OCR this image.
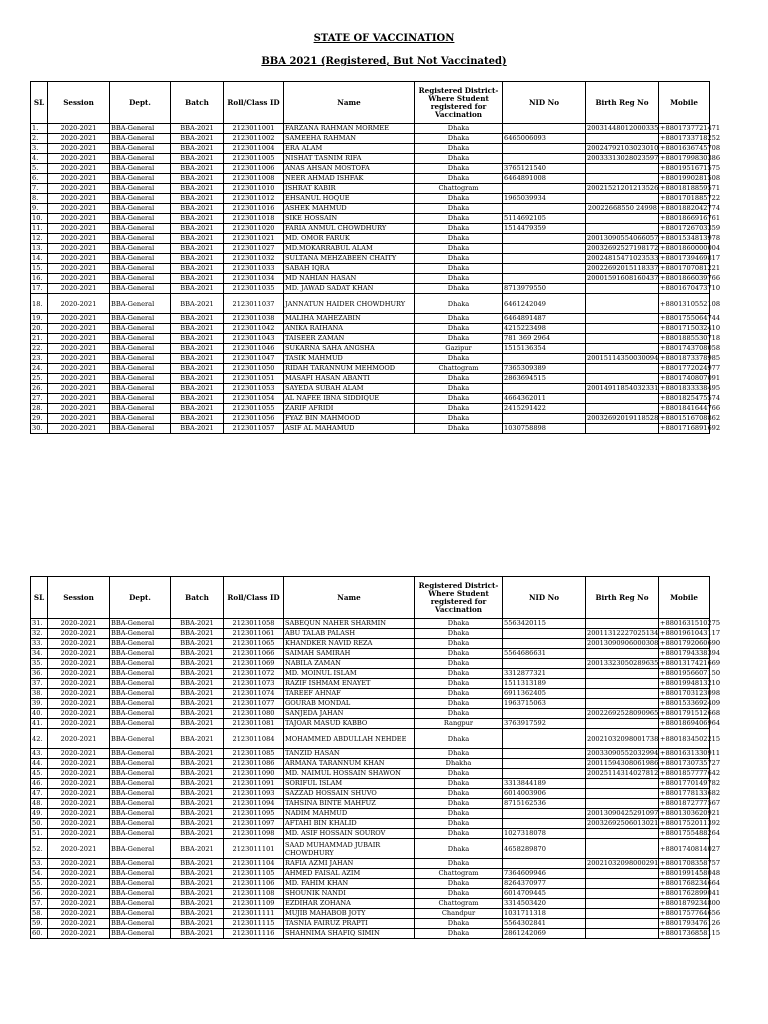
STATE OF VACCINATION
BBA 2021 (Registered, But Not Vaccinated)
SL	Session	Dept.	Batch	Roll/Class ID	Name	Registered District-Where Student registered for Vaccination	NID No	Birth Reg No	Mobile
1.	2020-2021	BBA-General	BBA-2021	2123011001	FARZANA RAHMAN MORMEE	Dhaka		20031448012000335	+8801737721471
2.	2020-2021	BBA-General	BBA-2021	2123011002	SAMEEHA RAHMAN	Dhaka	6465006093		+8801733718252
3.	2020-2021	BBA-General	BBA-2021	2123011004	ERA ALAM	Dhaka		20024792103023010	+8801636745708
4.	2020-2021	BBA-General	BBA-2021	2123011005	NISHAT TASNIM RIFA	Dhaka		20033313028023597	+8801799830386
5.	2020-2021	BBA-General	BBA-2021	2123011006	ANAS AHSAN MOSTOFA	Dhaka	3765121540		+8801951671575
6.	2020-2021	BBA-General	BBA-2021	2123011008	NEER AHMAD ISHFAK	Dhaka	6464891008		+8801990281508
7.	2020-2021	BBA-General	BBA-2021	2123011010	ISHRAT KABIR	Chattogram		20021521201213526	+8801818859571
8.	2020-2021	BBA-General	BBA-2021	2123011012	EHSANUL HOQUE	Dhaka	1965039934		+8801701885722
9.	2020-2021	BBA-General	BBA-2021	2123011016	ASHEK MAHMUD	Dhaka		20022668550 24998	+8801882042774
10.	2020-2021	BBA-General	BBA-2021	2123011018	SIKE HOSSAIN	Dhaka	5114692105		+8801866916761
11.	2020-2021	BBA-General	BBA-2021	2123011020	FARIA ANMUL CHOWDHURY	Dhaka	1514479359		+8801726703359
12.	2020-2021	BBA-General	BBA-2021	2123011021	MD. OMOR FARUK	Dhaka		20013090554066057	+8801534813978
13.	2020-2021	BBA-General	BBA-2021	2123011027	MD.MOKARRABUL ALAM	Dhaka		20032692527198172	+8801860000004
14.	2020-2021	BBA-General	BBA-2021	2123011032	SULTANA MEHZABEEN CHAITY	Dhaka		20024815471023533	+8801739469817
15.	2020-2021	BBA-General	BBA-2021	2123011033	SABAH IQRA	Dhaka		20022692015118337	+8801707081221
16.	2020-2021	BBA-General	BBA-2021	2123011034	MD NAHIAN HASAN	Dhaka		20001591608160437	+8801866039766
17.	2020-2021	BBA-General	BBA-2021	2123011035	MD. JAWAD SADAT KHAN	Dhaka	8713979550		+8801670473710
18.	2020-2021	BBA-General	BBA-2021	2123011037	JANNATUN HAIDER CHOWDHURY	Dhaka	6461242049		+8801310552108
19.	2020-2021	BBA-General	BBA-2021	2123011038	MALIHA MAHEZABIN	Dhaka	6464891487		+8801755064744
20.	2020-2021	BBA-General	BBA-2021	2123011042	ANIKA RAIHANA	Dhaka	4215223498		+8801715032410
21.	2020-2021	BBA-General	BBA-2021	2123011043	TAISEER ZAMAN	Dhaka	781 369 2964		+8801885530718
22.	2020-2021	BBA-General	BBA-2021	2123011046	SUKARNA SAHA ANGSHA	Gazipur	1515136354		+8801743708058
23.	2020-2021	BBA-General	BBA-2021	2123011047	TASIK MAHMUD	Dhaka		20015114350030094	+8801873378985
24.	2020-2021	BBA-General	BBA-2021	2123011050	RIDAH TARANNUM MEHMOOD	Chattogram	7365309389		+8801772024977
25.	2020-2021	BBA-General	BBA-2021	2123011051	MASAFI HASAN ABANTI	Dhaka	2863694515		+8801740807091
26.	2020-2021	BBA-General	BBA-2021	2123011053	SAYEDA SUBAH ALAM	Dhaka		20014911854032331	+8801833338495
27.	2020-2021	BBA-General	BBA-2021	2123011054	AL NAFEE IBNA SIDDIQUE	Dhaka	4664362011		+8801825475574
28.	2020-2021	BBA-General	BBA-2021	2123011055	ZARIF AFRIDI	Dhaka	2415291422		+8801841644766
29.	2020-2021	BBA-General	BBA-2021	2123011056	FYAZ BIN MAHMOOD	Dhaka		20032692019118528	+8801516708862
30.	2020-2021	BBA-General	BBA-2021	2123011057	ASIF AL MAHAMUD	Dhaka	1030758898		+8801716891692
SL	Session	Dept.	Batch	Roll/Class ID	Name	Registered District-Where Student registered for Vaccination	NID No	Birth Reg No	Mobile
31.	2020-2021	BBA-General	BBA-2021	2123011058	SABEQUN NAHER SHARMIN	Dhaka	5563420115		+8801631510275
32.	2020-2021	BBA-General	BBA-2021	2123011061	ABU TALAB PALASH	Dhaka		20011312227025134	+8801961043117
33.	2020-2021	BBA-General	BBA-2021	2123011065	KHANDKER NAVID REZA	Dhaka		20013090906000308	+8801792060690
34.	2020-2021	BBA-General	BBA-2021	2123011066	SAIMAH SAMIRAH	Dhaka	5564686631		+8801794338394
35.	2020-2021	BBA-General	BBA-2021	2123011069	NABILA ZAMAN	Dhaka		20013323050289635	+8801317421669
36.	2020-2021	BBA-General	BBA-2021	2123011072	MD. MOINUL ISLAM	Dhaka	3312877321		+8801956607150
37.	2020-2021	BBA-General	BBA-2021	2123011073	RAZIF ISHMAM ENAYET	Dhaka	1511313189		+8801994813210
38.	2020-2021	BBA-General	BBA-2021	2123011074	TAREEF AHNAF	Dhaka	6911362405		+8801703123098
39.	2020-2021	BBA-General	BBA-2021	2123011077	GOURAB MONDAL	Dhaka	1963715063		+8801533692409
40.	2020-2021	BBA-General	BBA-2021	2123011080	SANJEDA JAHAN	Dhaka		20022692528090965	+8801791512668
41.	2020-2021	BBA-General	BBA-2021	2123011081	TAJOAR MASUD KABBO	Rangpur	3763917592		+8801869406964
42.	2020-2021	BBA-General	BBA-2021	2123011084	MOHAMMED ABDULLAH NEHDEE	Dhaka		20021032098001738	+8801834502215
43.	2020-2021	BBA-General	BBA-2021	2123011085	TANZID HASAN	Dhaka		20033090552032994	+8801631330911
44.	2020-2021	BBA-General	BBA-2021	2123011086	ARMANA TARANNUM KHAN	Dhakha		20011594308061986	+8801730735727
45.	2020-2021	BBA-General	BBA-2021	2123011090	MD. NAIMUL HOSSAIN SHAWON	Dhaka		20025114314027812	+8801857777642
46.	2020-2021	BBA-General	BBA-2021	2123011091	SORIFUL ISLAM	Dhaka	3313844189		+8801770149782
47.	2020-2021	BBA-General	BBA-2021	2123011093	SAZZAD HOSSAIN SHUVO	Dhaka	6014003906		+8801778133682
48.	2020-2021	BBA-General	BBA-2021	2123011094	TAHSINA BINTE MAHFUZ	Dhaka	8715162536		+8801872777567
49.	2020-2021	BBA-General	BBA-2021	2123011095	NADIM MAHMUD	Dhaka		20013090425291097	+8801303620921
50.	2020-2021	BBA-General	BBA-2021	2123011097	AFTAHI BIN KHALID	Dhaka		20032692506013021	+8801752011392
51.	2020-2021	BBA-General	BBA-2021	2123011098	MD. ASIF HOSSAIN SOUROV	Dhaka	1027318078		+8801755488264
52.	2020-2021	BBA-General	BBA-2021	2123011101	SAAD MUHAMMAD JUBAIR CHOWDHURY	Dhaka	4658289870		+8801740814027
53.	2020-2021	BBA-General	BBA-2021	2123011104	RAFIA AZMI JAHAN	Dhaka		20021032098000291	+8801708358757
54.	2020-2021	BBA-General	BBA-2021	2123011105	AHMED FAISAL AZIM	Chattogram	7364609946		+8801991458048
55.	2020-2021	BBA-General	BBA-2021	2123011106	MD. FAHIM KHAN	Dhaka	8264370977		+8801768234664
56.	2020-2021	BBA-General	BBA-2021	2123011108	SHOUNIK NANDI	Dhaka	6014709445		+8801762899041
57.	2020-2021	BBA-General	BBA-2021	2123011109	EZDIHAR ZOHANA	Chattogram	3314503420		+8801879234800
58.	2020-2021	BBA-General	BBA-2021	2123011111	MUJIB MAHABOB JOTY	Chandpur	1031711318		+8801757764656
59.	2020-2021	BBA-General	BBA-2021	2123011115	TASNIA FAIRUZ PRAPTI	Dhaka	5564302841		+8801793476126
60.	2020-2021	BBA-General	BBA-2021	2123011116	SHAHNIMA SHAFIQ SIMIN	Dhaka	2861242069		+8801736858115
